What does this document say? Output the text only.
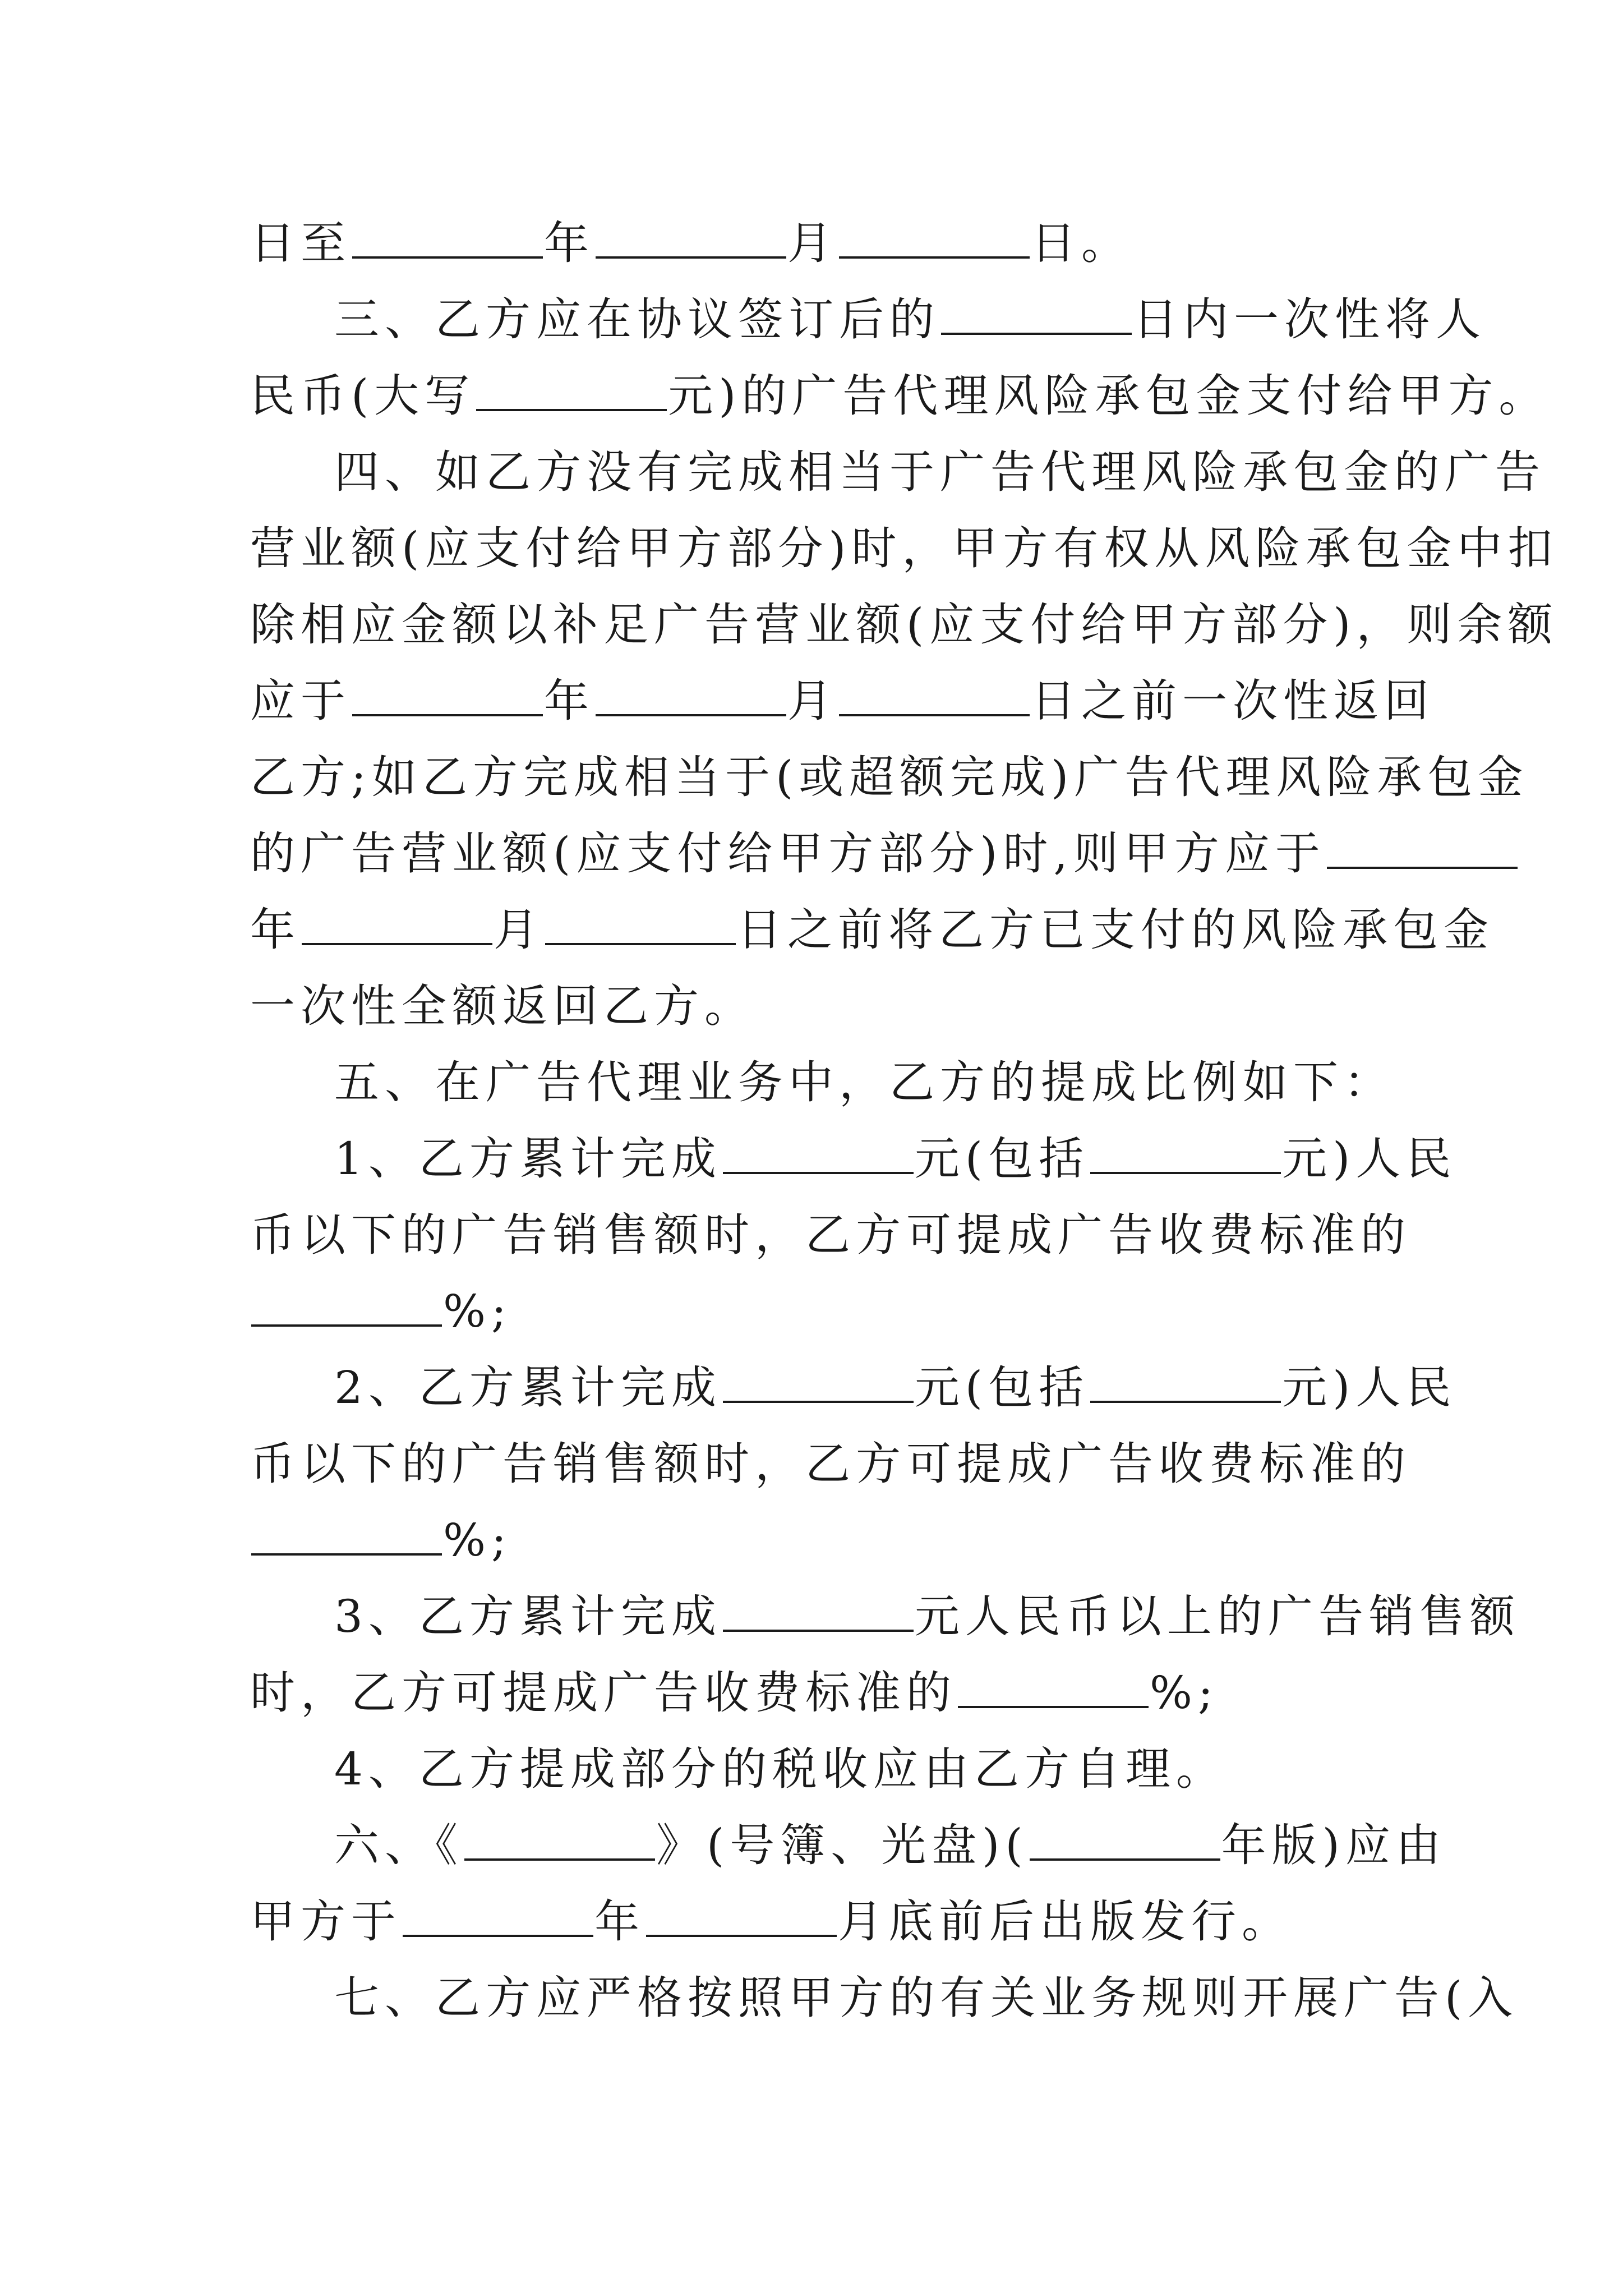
日至	年	月	日。
三、乙方应在协议签订后的	日内一次性将人
民币(大写	元)的广告代理风险承包金支付给甲方。
四、如乙方没有完成相当于广告代理风险承包金的广告
营业额(应支付给甲方部分)时，甲方有权从风险承包金中扣
除相应金额以补足广告营业额(应支付给甲方部分)，则余额
应于	年	月	日之前一次性返回
乙方;如乙方完成相当于(或超额完成)广告代理风险承包金
的广告营业额(应支付给甲方部分)时,则甲方应于
年	月	日之前将乙方已支付的风险承包金
一次性全额返回乙方。
五、在广告代理业务中，乙方的提成比例如下：
1、乙方累计完成	元(包括	元)人民
币以下的广告销售额时，乙方可提成广告收费标准的
%;
2、乙方累计完成	元(包括	元)人民
币以下的广告销售额时，乙方可提成广告收费标准的
%;
3、乙方累计完成	元人民币以上的广告销售额
时，乙方可提成广告收费标准的	%;
4、乙方提成部分的税收应由乙方自理。
六、《	》(号簿、光盘)(	年版)应由
甲方于	年	月底前后出版发行。
七、乙方应严格按照甲方的有关业务规则开展广告(入
